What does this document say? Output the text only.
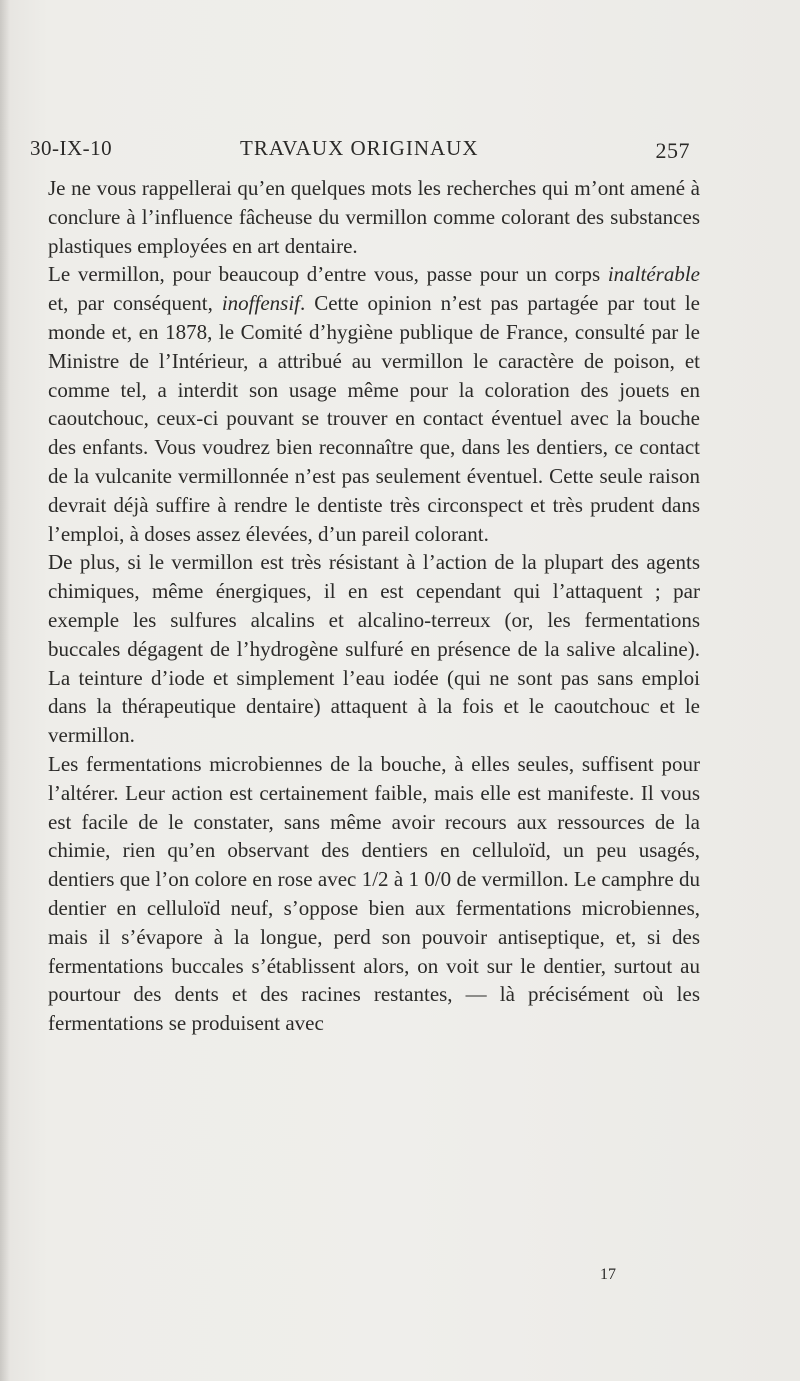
30-IX-10	TRAVAUX ORIGINAUX	257

Je ne vous rappellerai qu’en quelques mots les recherches qui m’ont amené à conclure à l’influence fâcheuse du vermillon comme colorant des substances plastiques employées en art dentaire.

Le vermillon, pour beaucoup d’entre vous, passe pour un corps inaltérable et, par conséquent, inoffensif. Cette opinion n’est pas partagée par tout le monde et, en 1878, le Comité d’hygiène publique de France, consulté par le Ministre de l’Intérieur, a attribué au vermillon le caractère de poison, et comme tel, a interdit son usage même pour la coloration des jouets en caoutchouc, ceux-ci pouvant se trouver en contact éventuel avec la bouche des enfants. Vous voudrez bien reconnaître que, dans les dentiers, ce contact de la vulcanite vermillonnée n’est pas seulement éventuel. Cette seule raison devrait déjà suffire à rendre le dentiste très circonspect et très prudent dans l’emploi, à doses assez élevées, d’un pareil colorant.

De plus, si le vermillon est très résistant à l’action de la plupart des agents chimiques, même énergiques, il en est cependant qui l’attaquent ; par exemple les sulfures alcalins et alcalino-terreux (or, les fermentations buccales dégagent de l’hydrogène sulfuré en présence de la salive alcaline). La teinture d’iode et simplement l’eau iodée (qui ne sont pas sans emploi dans la thérapeutique dentaire) attaquent à la fois et le caoutchouc et le vermillon.

Les fermentations microbiennes de la bouche, à elles seules, suffisent pour l’altérer. Leur action est certainement faible, mais elle est manifeste. Il vous est facile de le constater, sans même avoir recours aux ressources de la chimie, rien qu’en observant des dentiers en celluloïd, un peu usagés, dentiers que l’on colore en rose avec 1/2 à 1 0/0 de vermillon. Le camphre du dentier en celluloïd neuf, s’oppose bien aux fermentations microbiennes, mais il s’évapore à la longue, perd son pouvoir antiseptique, et, si des fermentations buccales s’établissent alors, on voit sur le dentier, surtout au pourtour des dents et des racines restantes, — là précisément où les fermentations se produisent avec

17
